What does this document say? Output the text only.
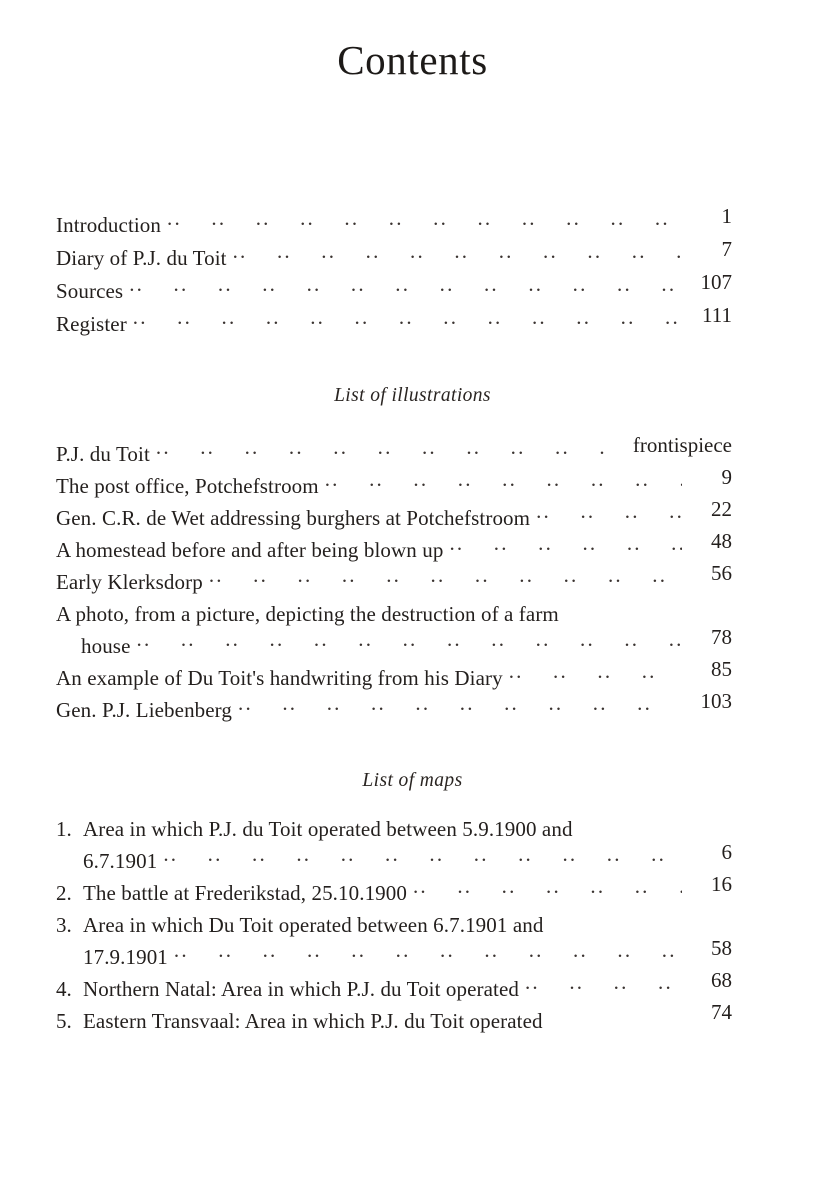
Contents
Introduction .. .	1
Diary of P.J. du Toit .. .	7
Sources .. .	107
Register .. .	111
List of illustrations
P.J. du Toit .. .	frontispiece
The post office, Potchefstroom .. .	9
Gen. C.R. de Wet addressing burghers at Potchefstroom .. .	22
A homestead before and after being blown up .. .	48
Early Klerksdorp .. .	56
A photo, from a picture, depicting the destruction of a farm
house .. .	78
An example of Du Toit's handwriting from his Diary .. .	85
Gen. P.J. Liebenberg .. .	103
List of maps
1. Area in which P.J. du Toit operated between 5.9.1900 and
6.7.1901 .. .	6
2. The battle at Frederikstad, 25.10.1900 .. .	16
3. Area in which Du Toit operated between 6.7.1901 and
17.9.1901 .. .	58
4. Northern Natal: Area in which P.J. du Toit operated .. .	68
5. Eastern Transvaal: Area in which P.J. du Toit operated	74
